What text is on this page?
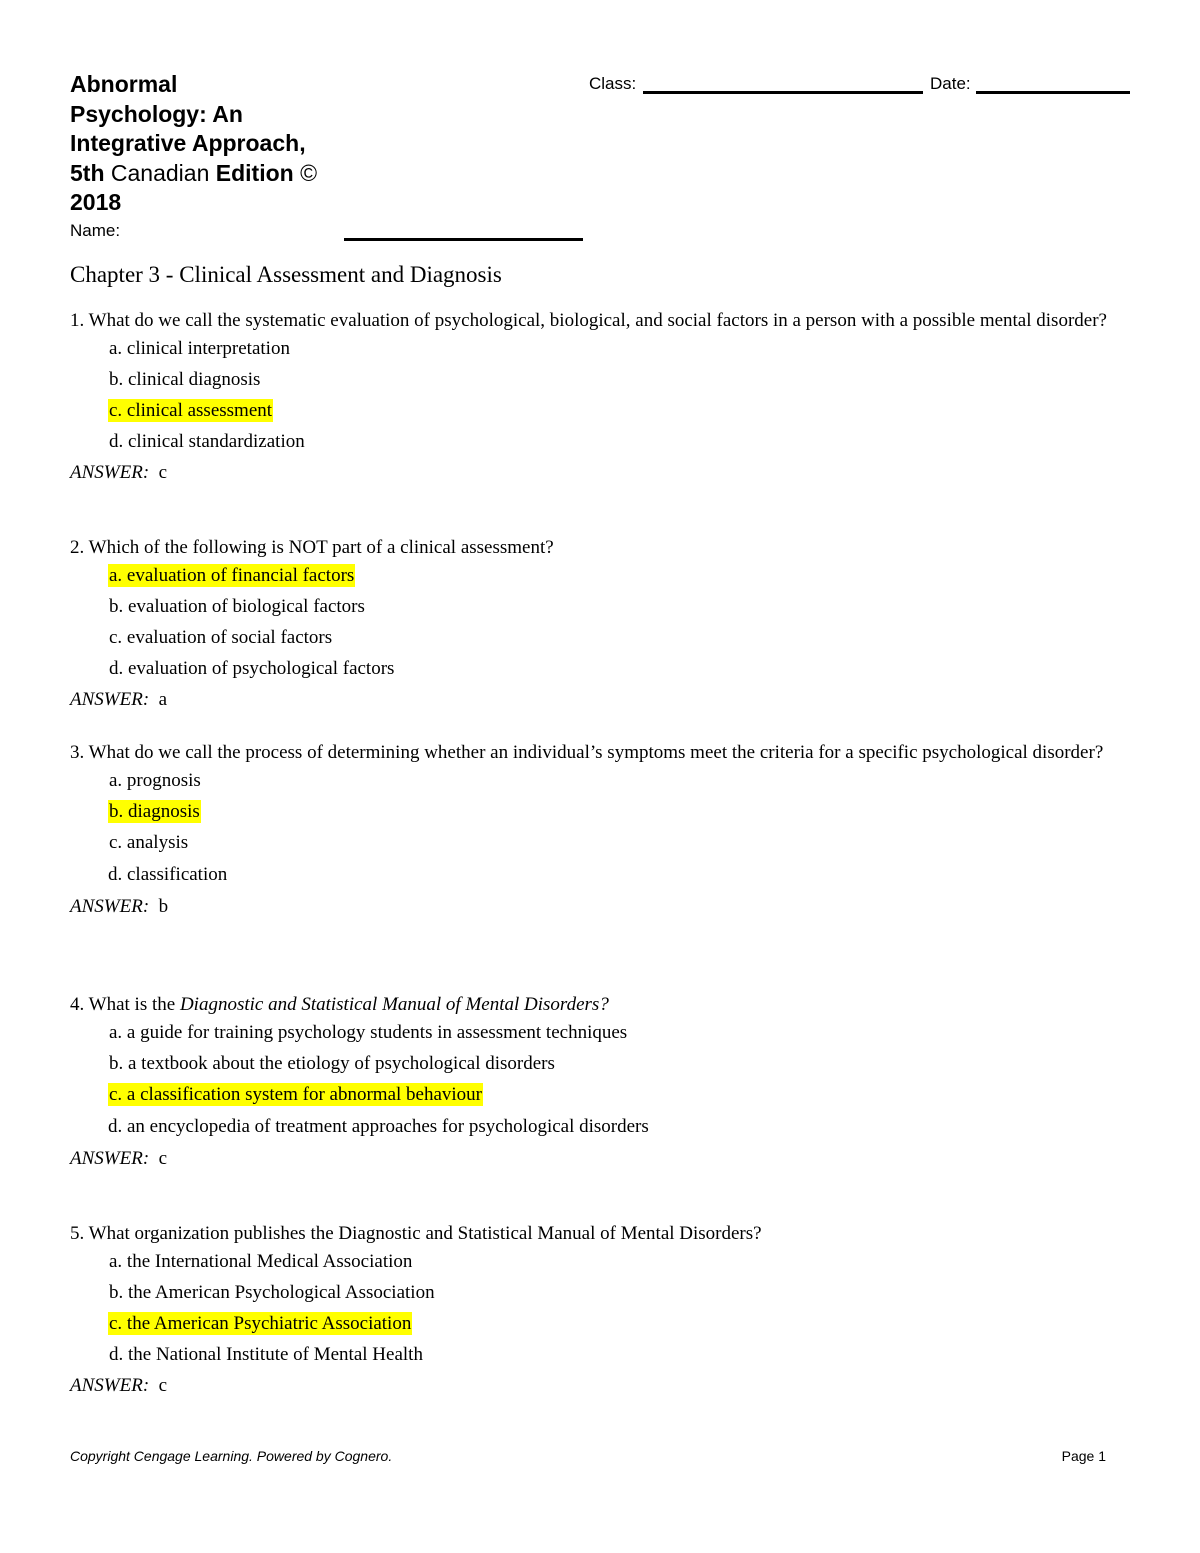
Abnormal
Psychology: An
Integrative Approach,
5th Canadian Edition ©
2018
Name:
Class:	Date:
Chapter 3 - Clinical Assessment and Diagnosis

1. What do we call the systematic evaluation of psychological, biological, and social factors in a person with a possible mental disorder?

a. clinical interpretation
b. clinical diagnosis
c. clinical assessment
d. clinical standardization
ANSWER: c

2. Which of the following is NOT part of a clinical assessment?

a. evaluation of financial factors
b. evaluation of biological factors
c. evaluation of social factors
d. evaluation of psychological factors
ANSWER: a

3. What do we call the process of determining whether an individual’s symptoms meet the criteria for a specific psychological disorder?

a. prognosis
b. diagnosis
c. analysis
d. classification
ANSWER: b

4. What is the Diagnostic and Statistical Manual of Mental Disorders?

a. a guide for training psychology students in assessment techniques
b. a textbook about the etiology of psychological disorders
c. a classification system for abnormal behaviour
d. an encyclopedia of treatment approaches for psychological disorders
ANSWER: c

5. What organization publishes the Diagnostic and Statistical Manual of Mental Disorders?

a. the International Medical Association
b. the American Psychological Association
c. the American Psychiatric Association
d. the National Institute of Mental Health
ANSWER: c
Copyright Cengage Learning. Powered by Cognero.	Page 1
